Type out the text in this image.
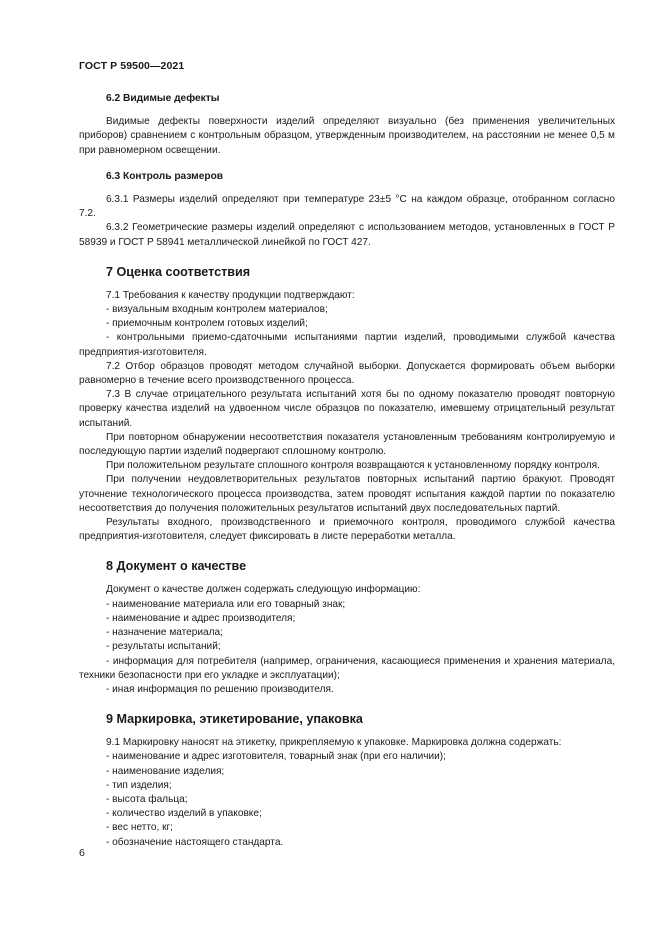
ГОСТ Р 59500—2021
6.2 Видимые дефекты

Видимые дефекты поверхности изделий определяют визуально (без применения увеличительных приборов) сравнением с контрольным образцом, утвержденным производителем, на расстоянии не менее 0,5 м при равномерном освещении.

6.3 Контроль размеров

6.3.1 Размеры изделий определяют при температуре 23±5 °С на каждом образце, отобранном согласно 7.2.

6.3.2 Геометрические размеры изделий определяют с использованием методов, установленных в ГОСТ Р 58939 и ГОСТ Р 58941 металлической линейкой по ГОСТ 427.

7 Оценка соответствия

7.1 Требования к качеству продукции подтверждают:

- визуальным входным контролем материалов;

- приемочным контролем готовых изделий;

- контрольными приемо-сдаточными испытаниями партии изделий, проводимыми службой качества предприятия-изготовителя.

7.2 Отбор образцов проводят методом случайной выборки. Допускается формировать объем выборки равномерно в течение всего производственного процесса.

7.3 В случае отрицательного результата испытаний хотя бы по одному показателю проводят повторную проверку качества изделий на удвоенном числе образцов по показателю, имевшему отрицательный результат испытаний.

При повторном обнаружении несоответствия показателя установленным требованиям контролируемую и последующую партии изделий подвергают сплошному контролю.

При положительном результате сплошного контроля возвращаются к установленному порядку контроля.

При получении неудовлетворительных результатов повторных испытаний партию бракуют. Проводят уточнение технологического процесса производства, затем проводят испытания каждой партии по показателю несоответствия до получения положительных результатов испытаний двух последовательных партий.

Результаты входного, производственного и приемочного контроля, проводимого службой качества предприятия-изготовителя, следует фиксировать в листе переработки металла.

8 Документ о качестве

Документ о качестве должен содержать следующую информацию:

- наименование материала или его товарный знак;

- наименование и адрес производителя;

- назначение материала;

- результаты испытаний;

- информация для потребителя (например, ограничения, касающиеся применения и хранения материала, техники безопасности при его укладке и эксплуатации);

- иная информация по решению производителя.

9 Маркировка, этикетирование, упаковка

9.1 Маркировку наносят на этикетку, прикрепляемую к упаковке. Маркировка должна содержать:

- наименование и адрес изготовителя, товарный знак (при его наличии);

- наименование изделия;

- тип изделия;

- высота фальца;

- количество изделий в упаковке;

- вес нетто, кг;

- обозначение настоящего стандарта.

6
